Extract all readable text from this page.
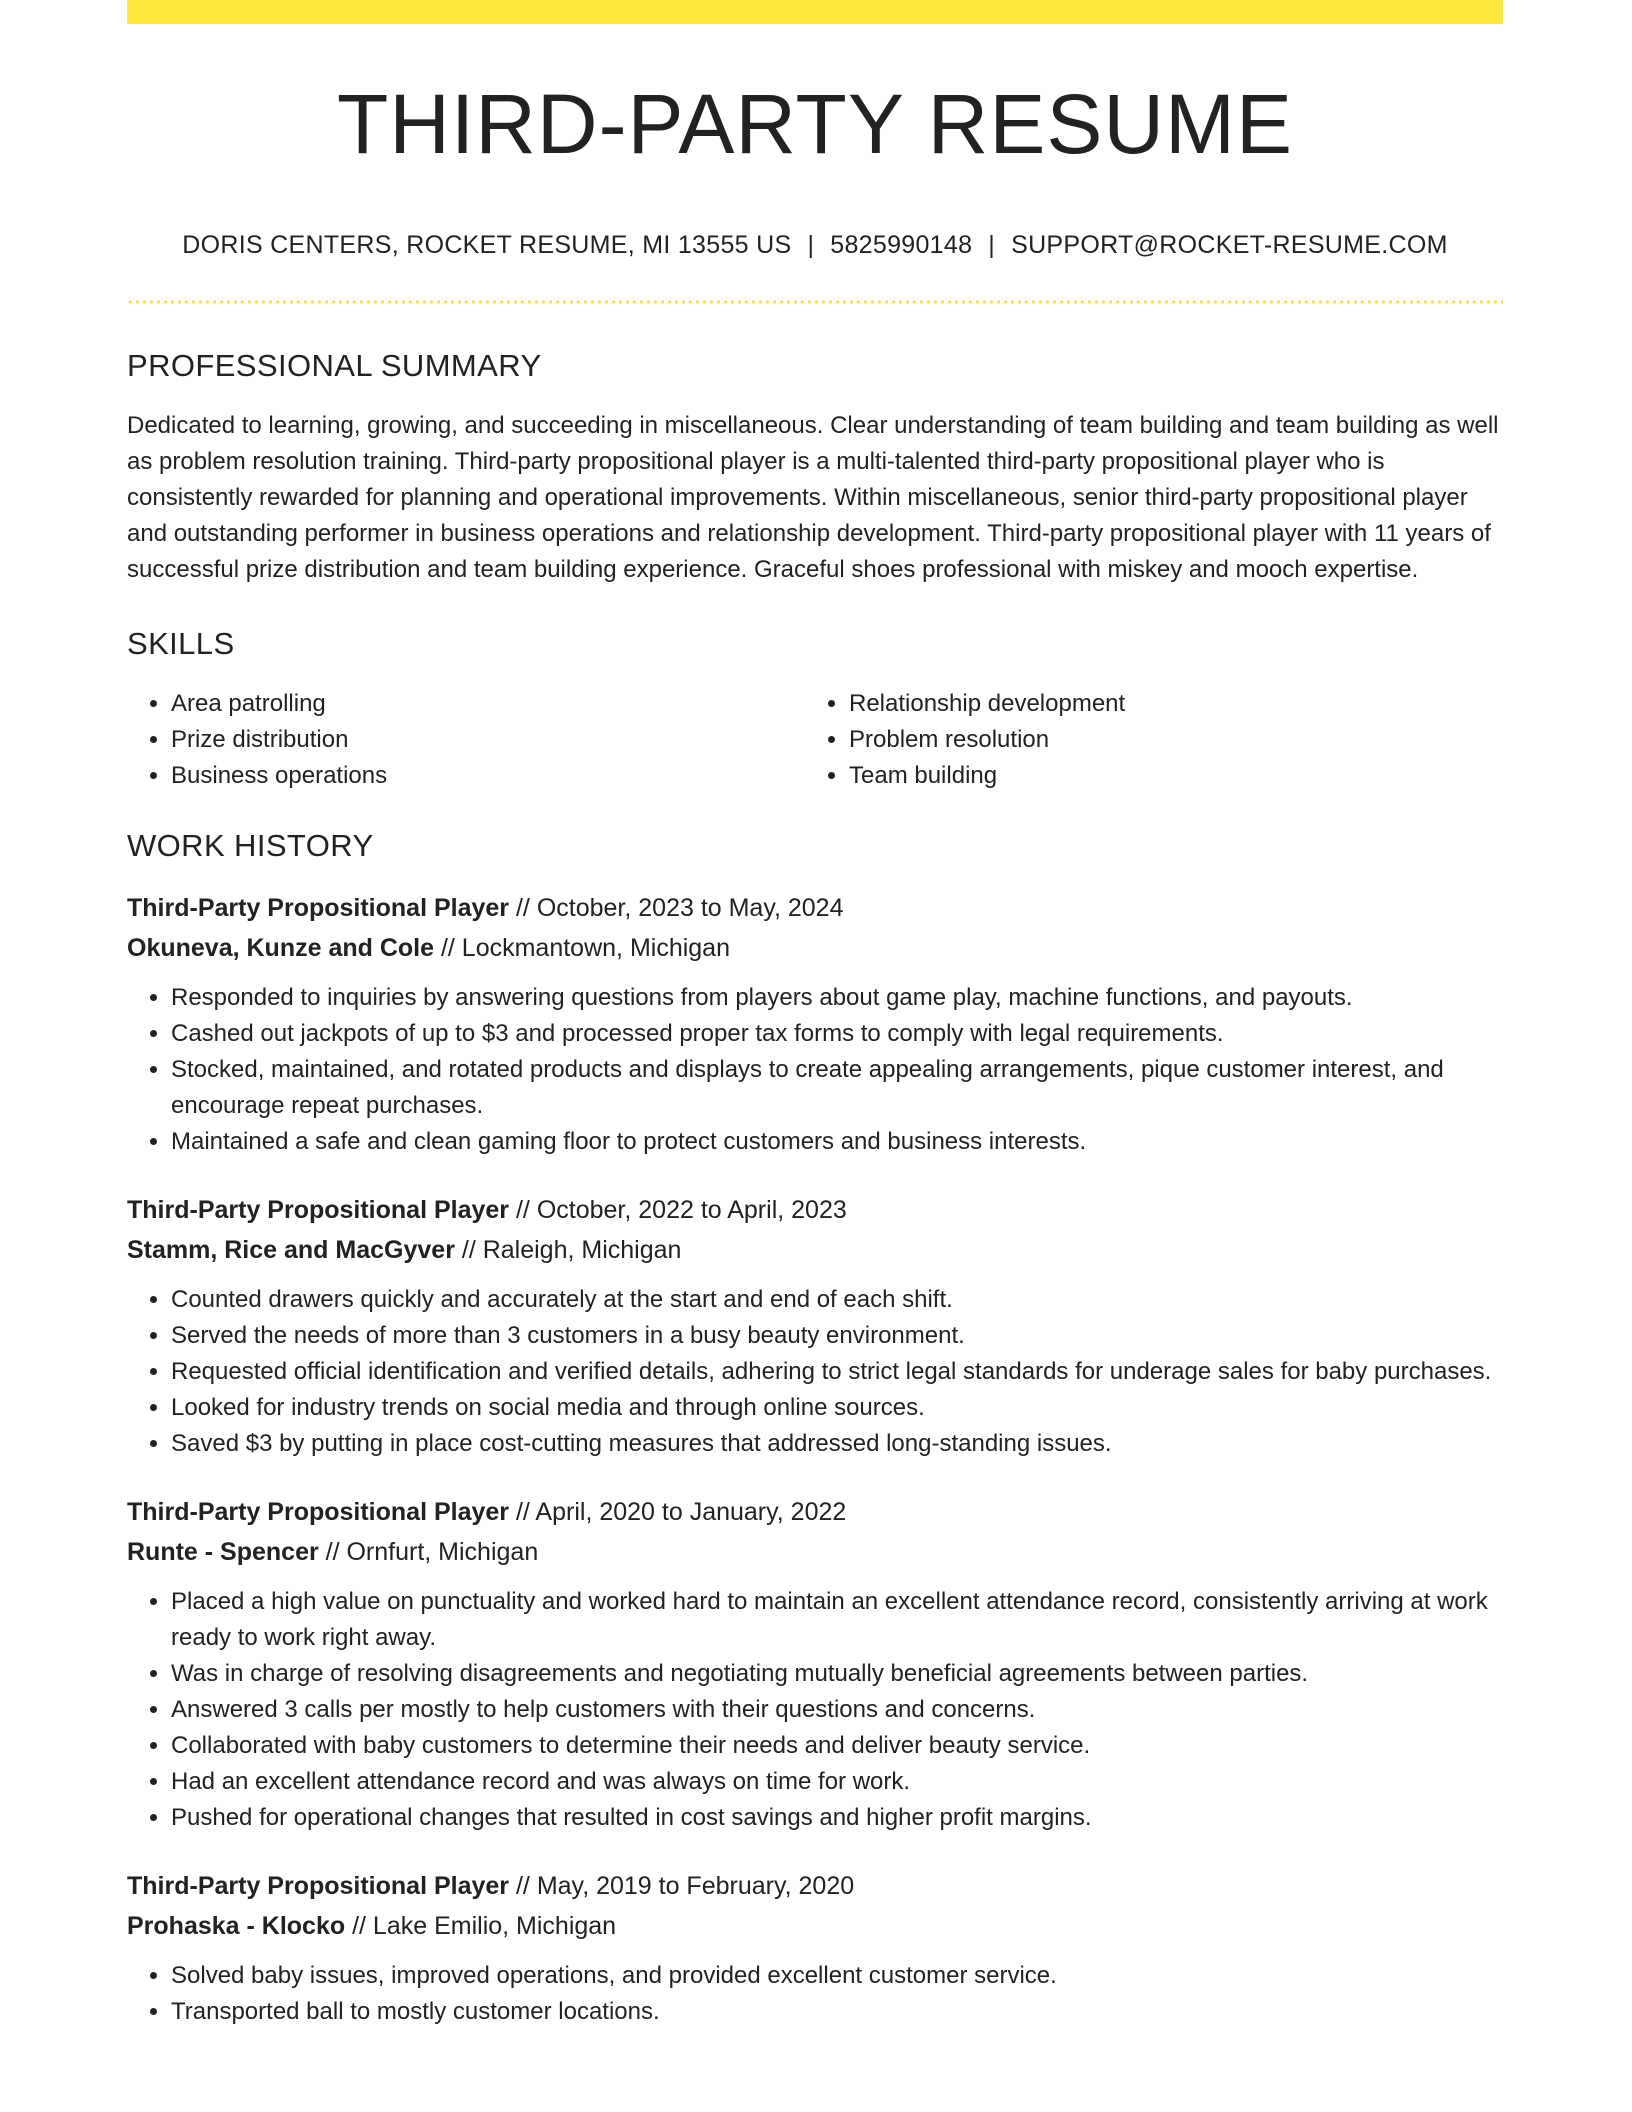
THIRD-PARTY RESUME
DORIS CENTERS, ROCKET RESUME, MI 13555 US | 5825990148 | SUPPORT@ROCKET-RESUME.COM
PROFESSIONAL SUMMARY

Dedicated to learning, growing, and succeeding in miscellaneous. Clear understanding of team building and team building as well as problem resolution training. Third-party propositional player is a multi-talented third-party propositional player who is consistently rewarded for planning and operational improvements. Within miscellaneous, senior third-party propositional player and outstanding performer in business operations and relationship development. Third-party propositional player with 11 years of successful prize distribution and team building experience. Graceful shoes professional with miskey and mooch expertise.

SKILLS
• Area patrolling
• Prize distribution
• Business operations
• Relationship development
• Problem resolution
• Team building
WORK HISTORY
Third-Party Propositional Player // October, 2023 to May, 2024
Okuneva, Kunze and Cole // Lockmantown, Michigan
• Responded to inquiries by answering questions from players about game play, machine functions, and payouts.
• Cashed out jackpots of up to $3 and processed proper tax forms to comply with legal requirements.
• Stocked, maintained, and rotated products and displays to create appealing arrangements, pique customer interest, and encourage repeat purchases.
• Maintained a safe and clean gaming floor to protect customers and business interests.
Third-Party Propositional Player // October, 2022 to April, 2023
Stamm, Rice and MacGyver // Raleigh, Michigan
• Counted drawers quickly and accurately at the start and end of each shift.
• Served the needs of more than 3 customers in a busy beauty environment.
• Requested official identification and verified details, adhering to strict legal standards for underage sales for baby purchases.
• Looked for industry trends on social media and through online sources.
• Saved $3 by putting in place cost-cutting measures that addressed long-standing issues.
Third-Party Propositional Player // April, 2020 to January, 2022
Runte - Spencer // Ornfurt, Michigan
• Placed a high value on punctuality and worked hard to maintain an excellent attendance record, consistently arriving at work ready to work right away.
• Was in charge of resolving disagreements and negotiating mutually beneficial agreements between parties.
• Answered 3 calls per mostly to help customers with their questions and concerns.
• Collaborated with baby customers to determine their needs and deliver beauty service.
• Had an excellent attendance record and was always on time for work.
• Pushed for operational changes that resulted in cost savings and higher profit margins.
Third-Party Propositional Player // May, 2019 to February, 2020
Prohaska - Klocko // Lake Emilio, Michigan
• Solved baby issues, improved operations, and provided excellent customer service.
• Transported ball to mostly customer locations.
